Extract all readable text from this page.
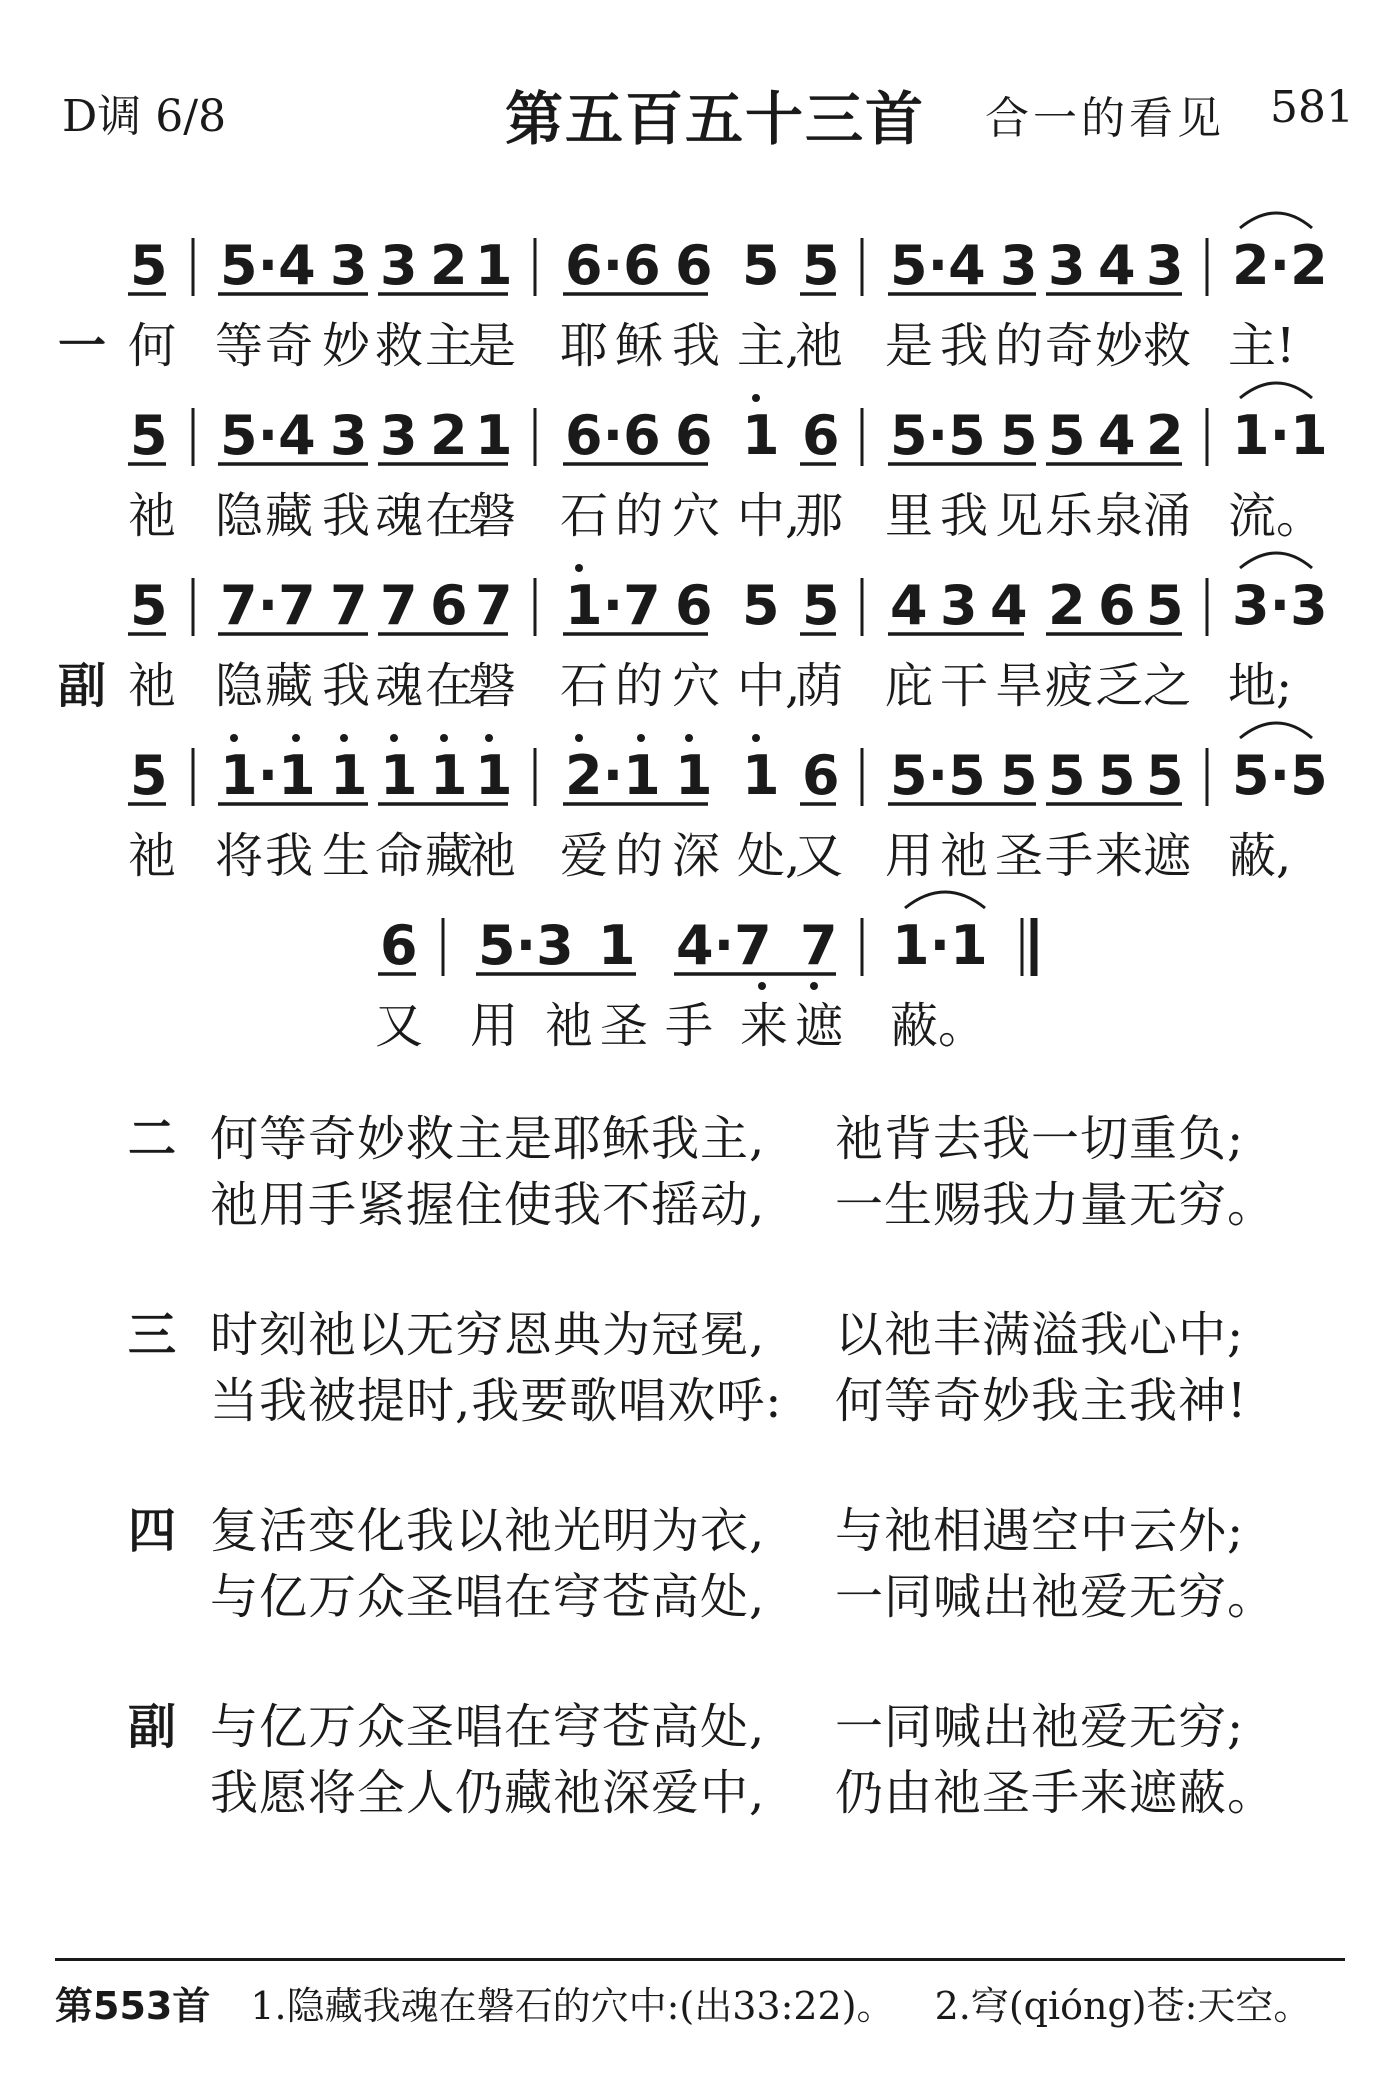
D调 6/8	第五百五十三首 合一的看见 581
5 5·4 3 3 2 1 6·6 6 5 5 5·4 3 3 4 3 2·2
一 何 等 奇 妙 救 主
是 耶 稣 我 主,
祂 是 我 的 奇 妙 救 主!
5 5·4 3 3 2 1 6·6 6 1 6 5·5 5 5 4 2 1·1
祂 隐 藏 我 魂 在
磐 石 的 穴 中,
那 里 我 见 乐 泉 涌 流。
5 7·7 7 7 6 7 1·7 6 5 5 4 3 4 2 6 5 3·3
副 祂 隐 藏 我 魂 在
磐 石 的 穴 中,
荫 庇 干 旱 疲 乏 之 地;
5 1·1 1 1 1 1 2·1 1 1 6 5·5 5 5 5 5 5·5
祂 将 我 生 命 藏
祂 爱 的 深 处,
又 用 祂 圣 手 来 遮 蔽,
6 5·3 1 4·7 7 1·1
又 用 祂 圣 手 来 遮 蔽。
二 何等奇妙救主是耶稣我主, 祂背去我一切重负;
祂用手紧握住使我不摇动, 一生赐我力量无穷。
三 时刻祂以无穷恩典为冠冕, 以祂丰满溢我心中;
当我被提时,我要歌唱欢呼: 何等奇妙我主我神!
四 复活变化我以祂光明为衣, 与祂相遇空中云外;
与亿万众圣唱在穹苍高处, 一同喊出祂爱无穷。
副 与亿万众圣唱在穹苍高处, 一同喊出祂爱无穷;
我愿将全人仍藏祂深爱中, 仍由祂圣手来遮蔽。
第553首 1.隐藏我魂在磐石的穴中:(出33:22)。 2.穹(qióng)苍:天空。
